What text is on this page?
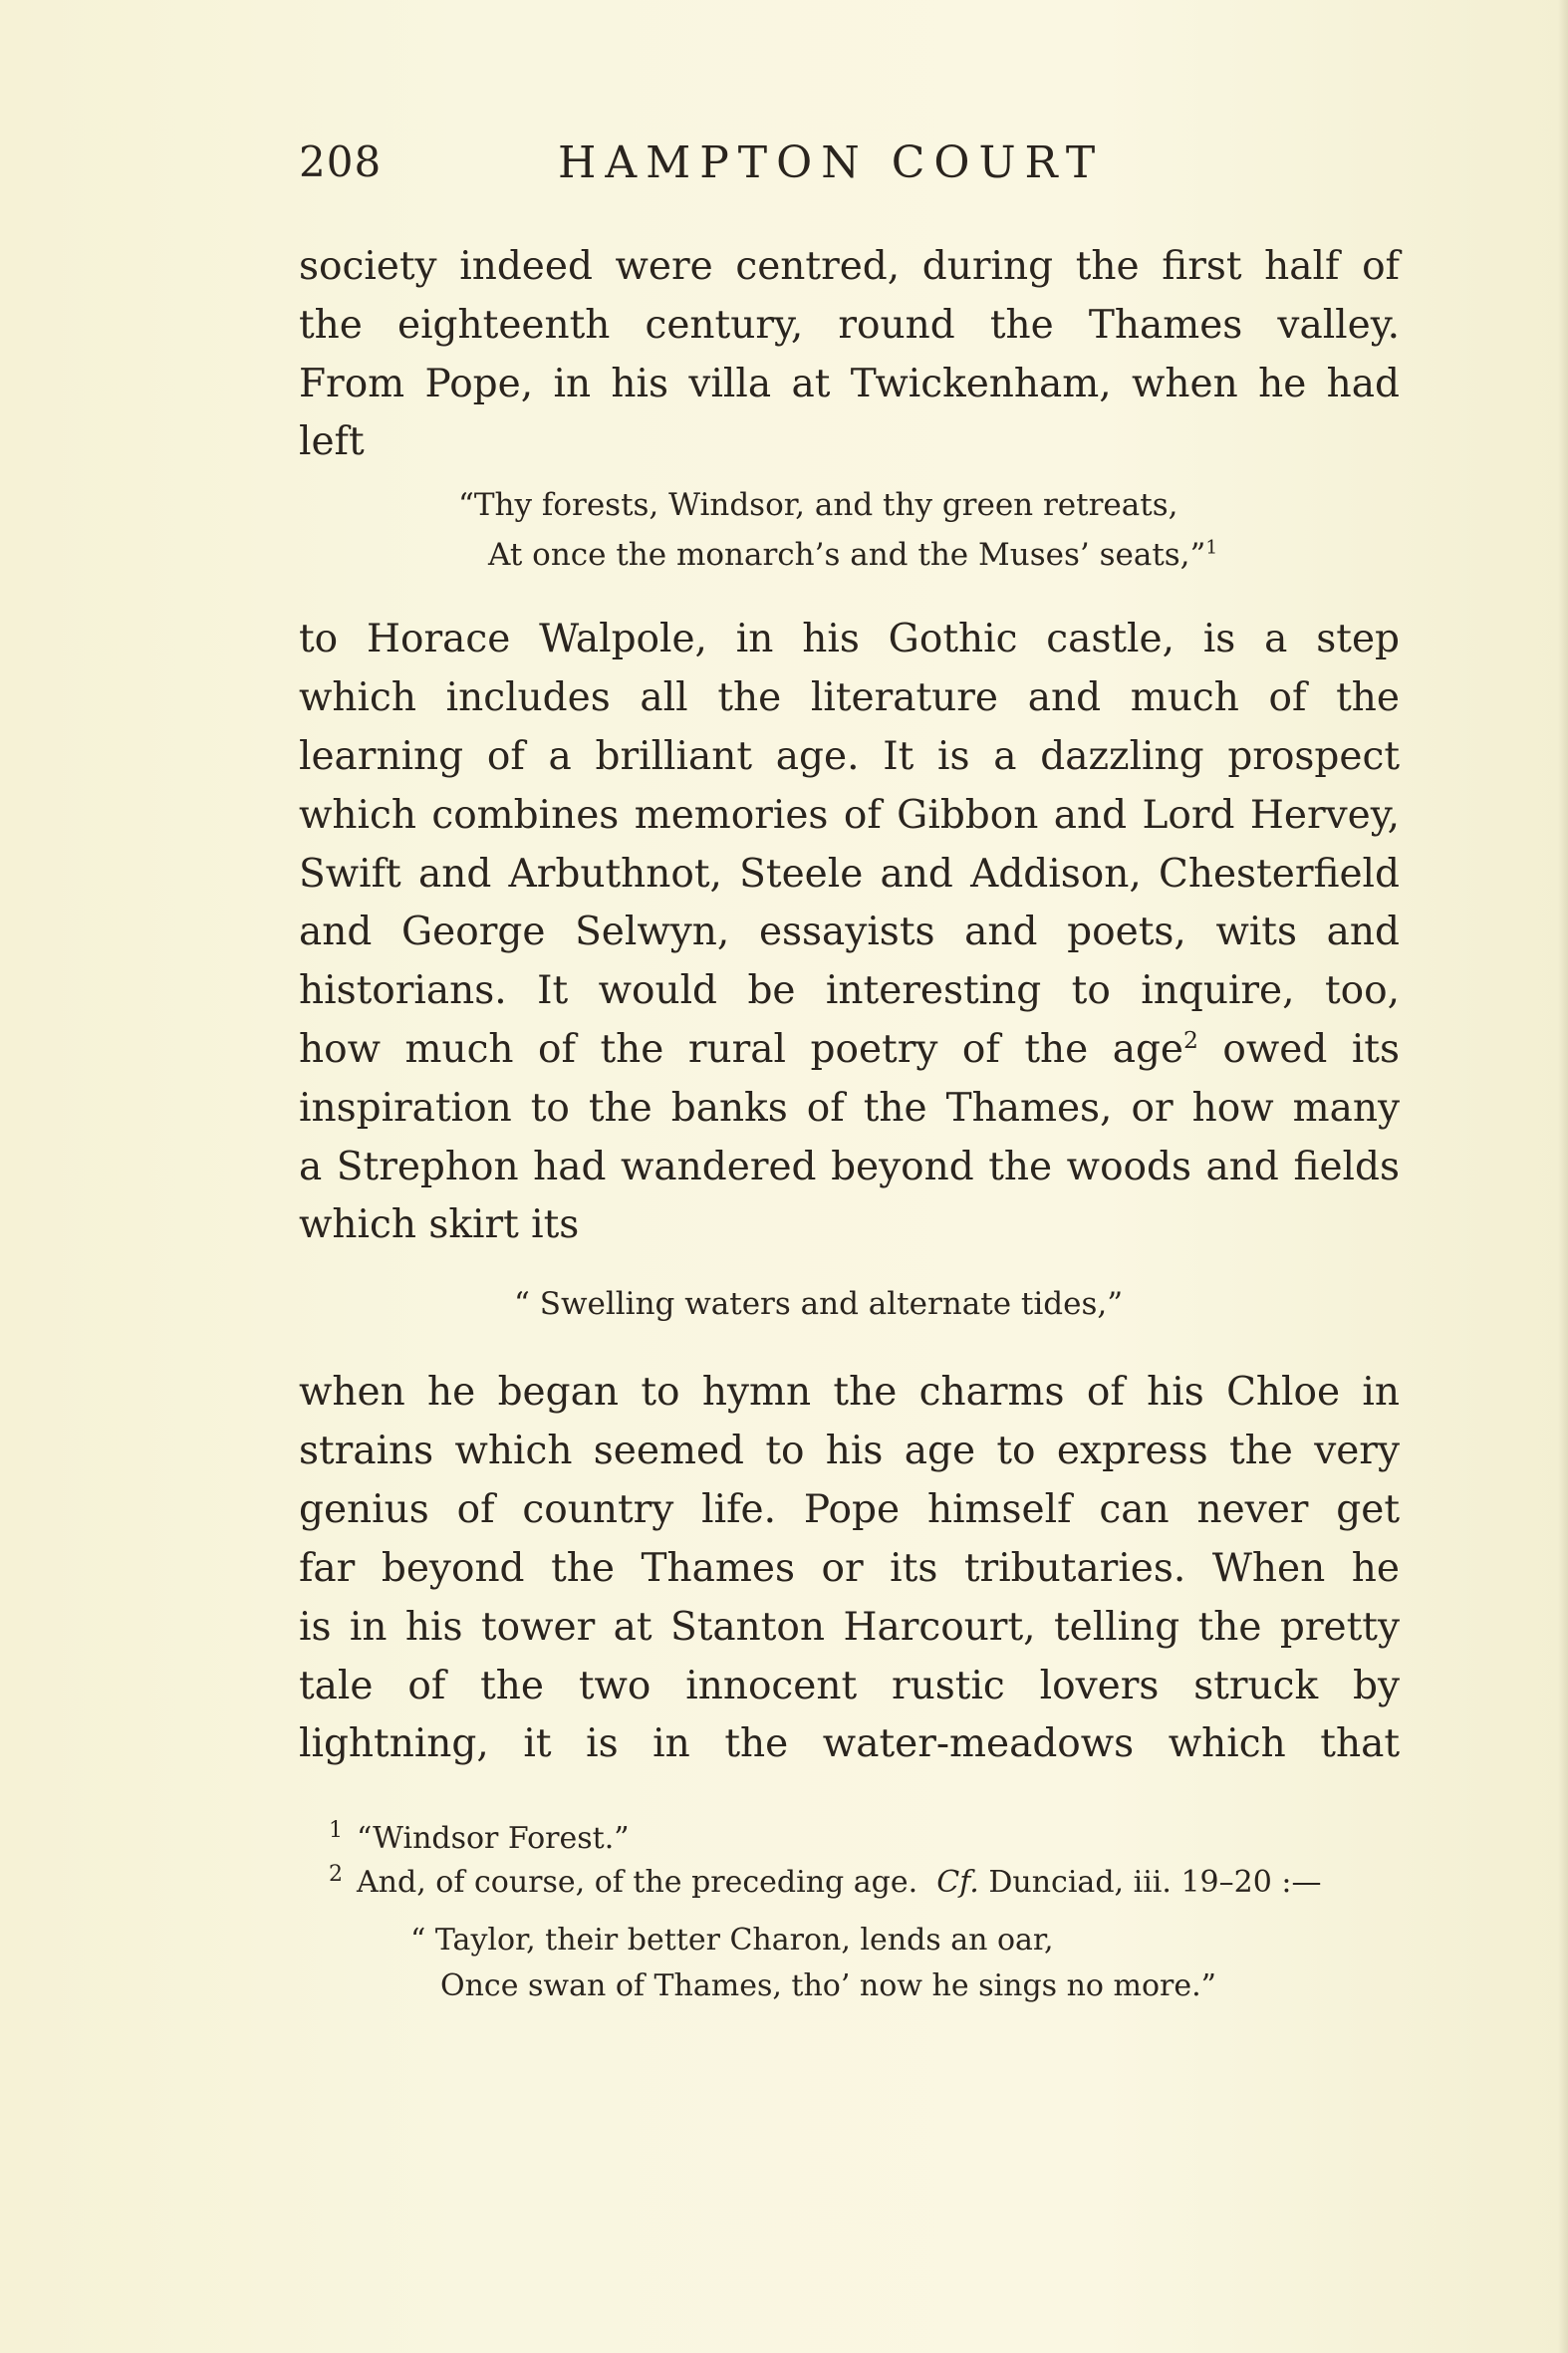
208	HAMPTON COURT
society indeed were centred, during the first half of
the eighteenth century, round the Thames valley.
From Pope, in his villa at Twickenham, when he had
left
“Thy forests, Windsor, and thy green retreats,
At once the monarch’s and the Muses’ seats,”$^1$
to Horace Walpole, in his Gothic castle, is a step
which includes all the literature and much of the
learning of a brilliant age. It is a dazzling prospect
which combines memories of Gibbon and Lord Hervey,
Swift and Arbuthnot, Steele and Addison, Chesterfield
and George Selwyn, essayists and poets, wits and
historians. It would be interesting to inquire, too,
how much of the rural poetry of the age$^2$ owed its
inspiration to the banks of the Thames, or how many
a Strephon had wandered beyond the woods and fields
which skirt its
“ Swelling waters and alternate tides,”
when he began to hymn the charms of his Chloe in
strains which seemed to his age to express the very
genius of country life. Pope himself can never get
far beyond the Thames or its tributaries. When he
is in his tower at Stanton Harcourt, telling the pretty
tale of the two innocent rustic lovers struck by
lightning, it is in the water-meadows which that
$^1$ “Windsor Forest.”
$^2$ And, of course, of the preceding age. Cf. Dunciad, iii. 19–20 :—
“ Taylor, their better Charon, lends an oar,
Once swan of Thames, tho’ now he sings no more.”
